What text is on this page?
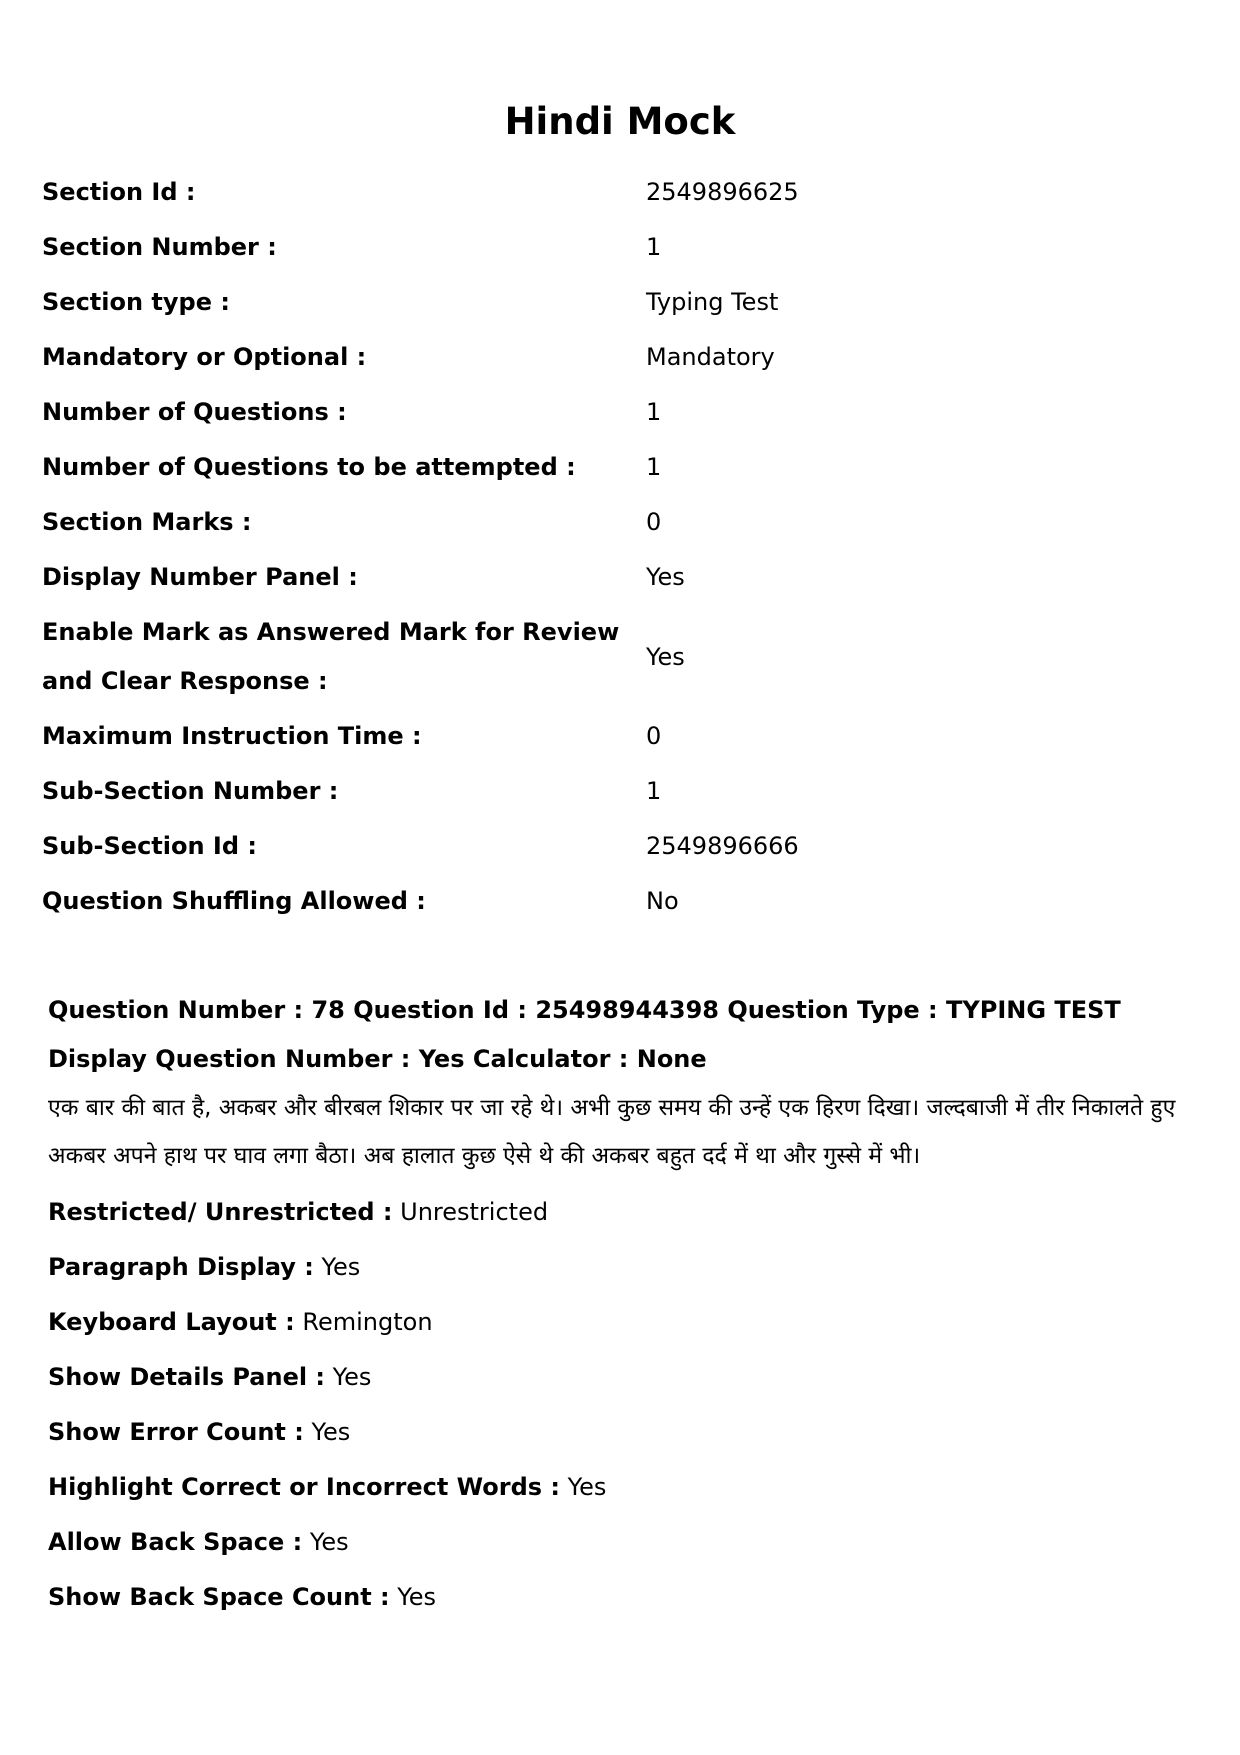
Hindi Mock
Section Id :	2549896625
Section Number :	1
Section type :	Typing Test
Mandatory or Optional :	Mandatory
Number of Questions :	1
Number of Questions to be attempted :	1
Section Marks :	0
Display Number Panel :	Yes
Enable Mark as Answered Mark for Review and Clear Response :	Yes
Maximum Instruction Time :	0
Sub-Section Number :	1
Sub-Section Id :	2549896666
Question Shuffling Allowed :	No
Question Number : 78 Question Id : 25498944398 Question Type : TYPING TEST Display Question Number : Yes Calculator : None
एक बार की बात है, अकबर और बीरबल शिकार पर जा रहे थे। अभी कुछ समय की उन्हें एक हिरण दिखा। जल्दबाजी में तीर निकालते हुए अकबर अपने हाथ पर घाव लगा बैठा। अब हालात कुछ ऐसे थे की अकबर बहुत दर्द में था और गुस्से में भी।
Restricted/ Unrestricted : Unrestricted
Paragraph Display : Yes
Keyboard Layout : Remington
Show Details Panel : Yes
Show Error Count : Yes
Highlight Correct or Incorrect Words : Yes
Allow Back Space : Yes
Show Back Space Count : Yes
